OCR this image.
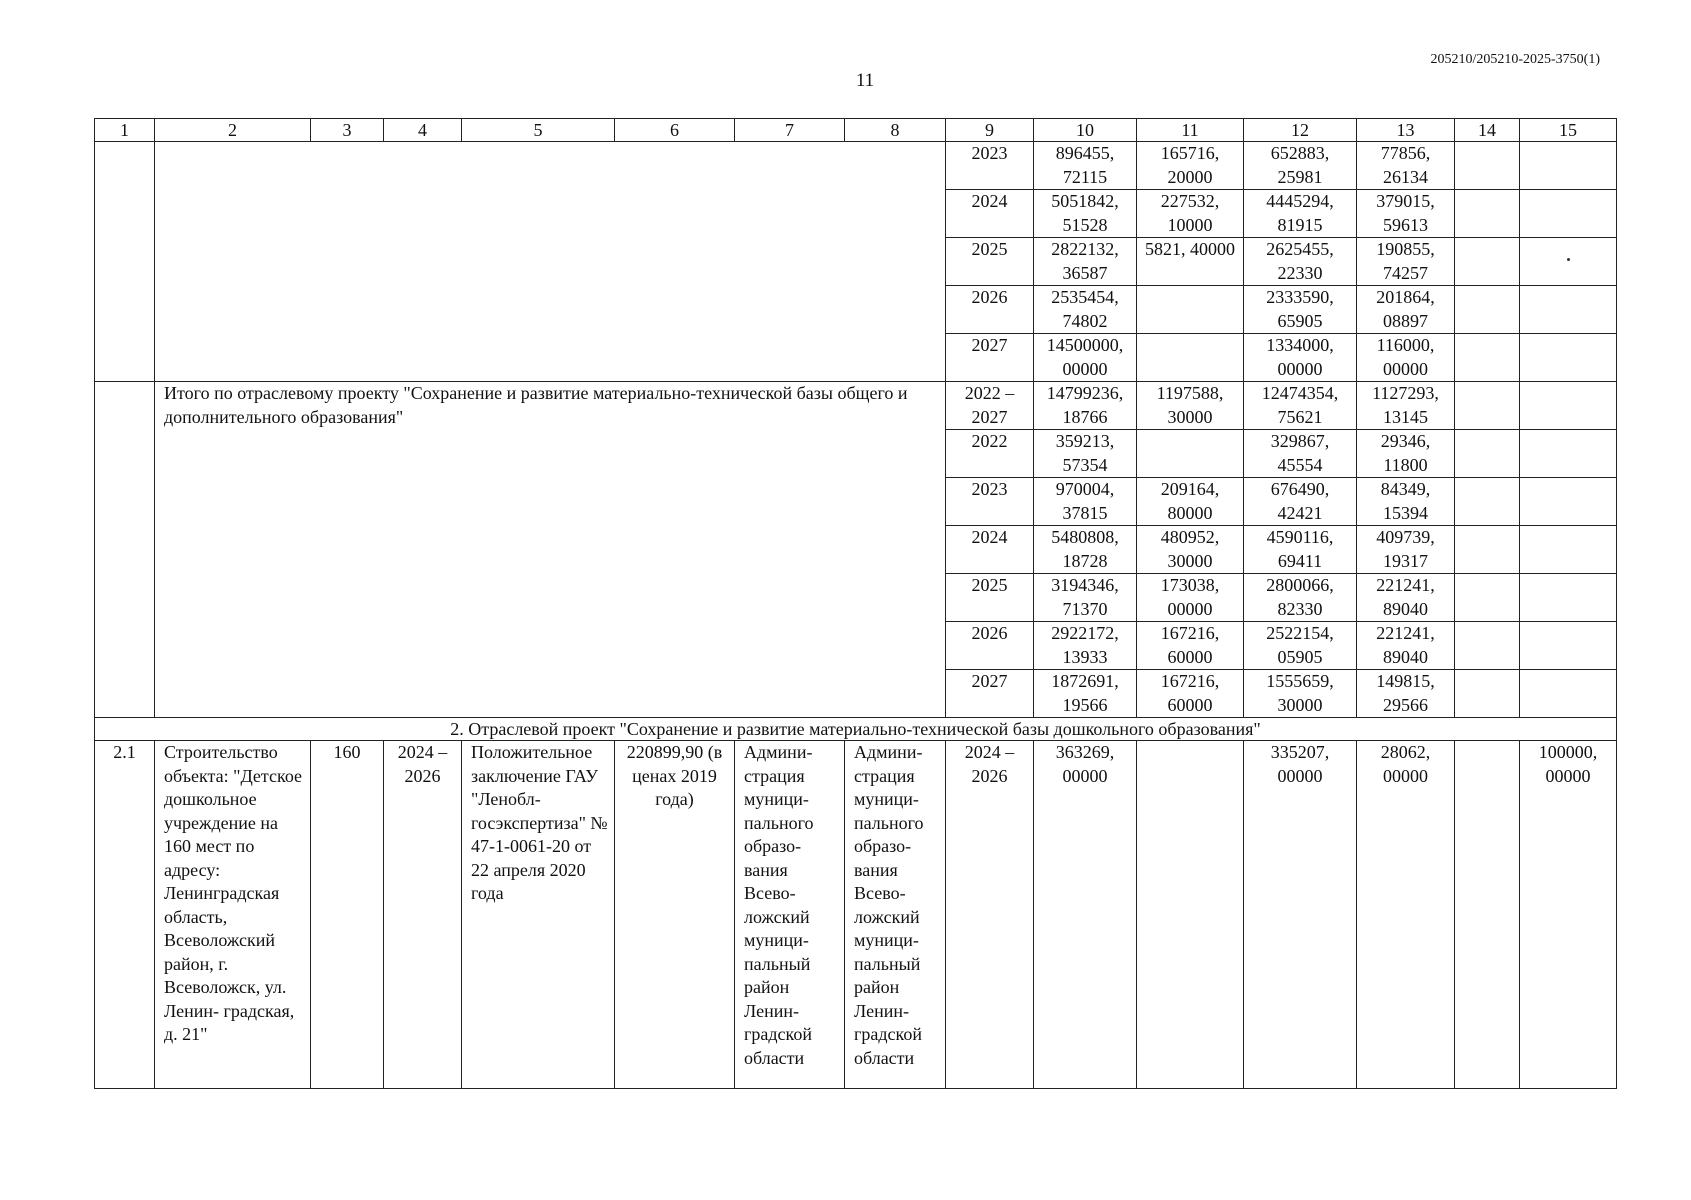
205210/205210-2025-3750(1)
11
1	2	3	4	5	6	7	8	9	10	11	12	13	14	15
								2023	896455, 72115	165716, 20000	652883, 25981	77856, 26134		
								2024	5051842, 51528	227532, 10000	4445294, 81915	379015, 59613		
								2025	2822132, 36587	5821, 40000	2625455, 22330	190855, 74257		
								2026	2535454, 74802		2333590, 65905	201864, 08897		
								2027	14500000, 00000		1334000, 00000	116000, 00000		
	Итого по отраслевому проекту "Сохранение и развитие материально-технической базы общего и дополнительного образования"							2022 – 2027	14799236, 18766	1197588, 30000	12474354, 75621	1127293, 13145		
								2022	359213, 57354		329867, 45554	29346, 11800		
								2023	970004, 37815	209164, 80000	676490, 42421	84349, 15394		
								2024	5480808, 18728	480952, 30000	4590116, 69411	409739, 19317		
								2025	3194346, 71370	173038, 00000	2800066, 82330	221241, 89040		
								2026	2922172, 13933	167216, 60000	2522154, 05905	221241, 89040		
								2027	1872691, 19566	167216, 60000	1555659, 30000	149815, 29566		
2. Отраслевой проект "Сохранение и развитие материально-технической базы дошкольного образования"														
2.1	Строительство объекта: "Детское дошкольное учреждение на 160 мест по адресу: Ленинградская область, Всеволожский район, г. Всеволожск, ул. Ленин- градская, д. 21"	160	2024 – 2026	Положительное заключение ГАУ "Ленобл- госэкспертиза" № 47-1-0061-20 от 22 апреля 2020 года	220899,90 (в ценах 2019 года)	Админи- страция муници- пального образо- вания Всево- ложский муници- пальный район Ленин- градской области	Админи- страция муници- пального образо- вания Всево- ложский муници- пальный район Ленин- градской области	2024 – 2026	363269, 00000		335207, 00000	28062, 00000		100000, 00000
